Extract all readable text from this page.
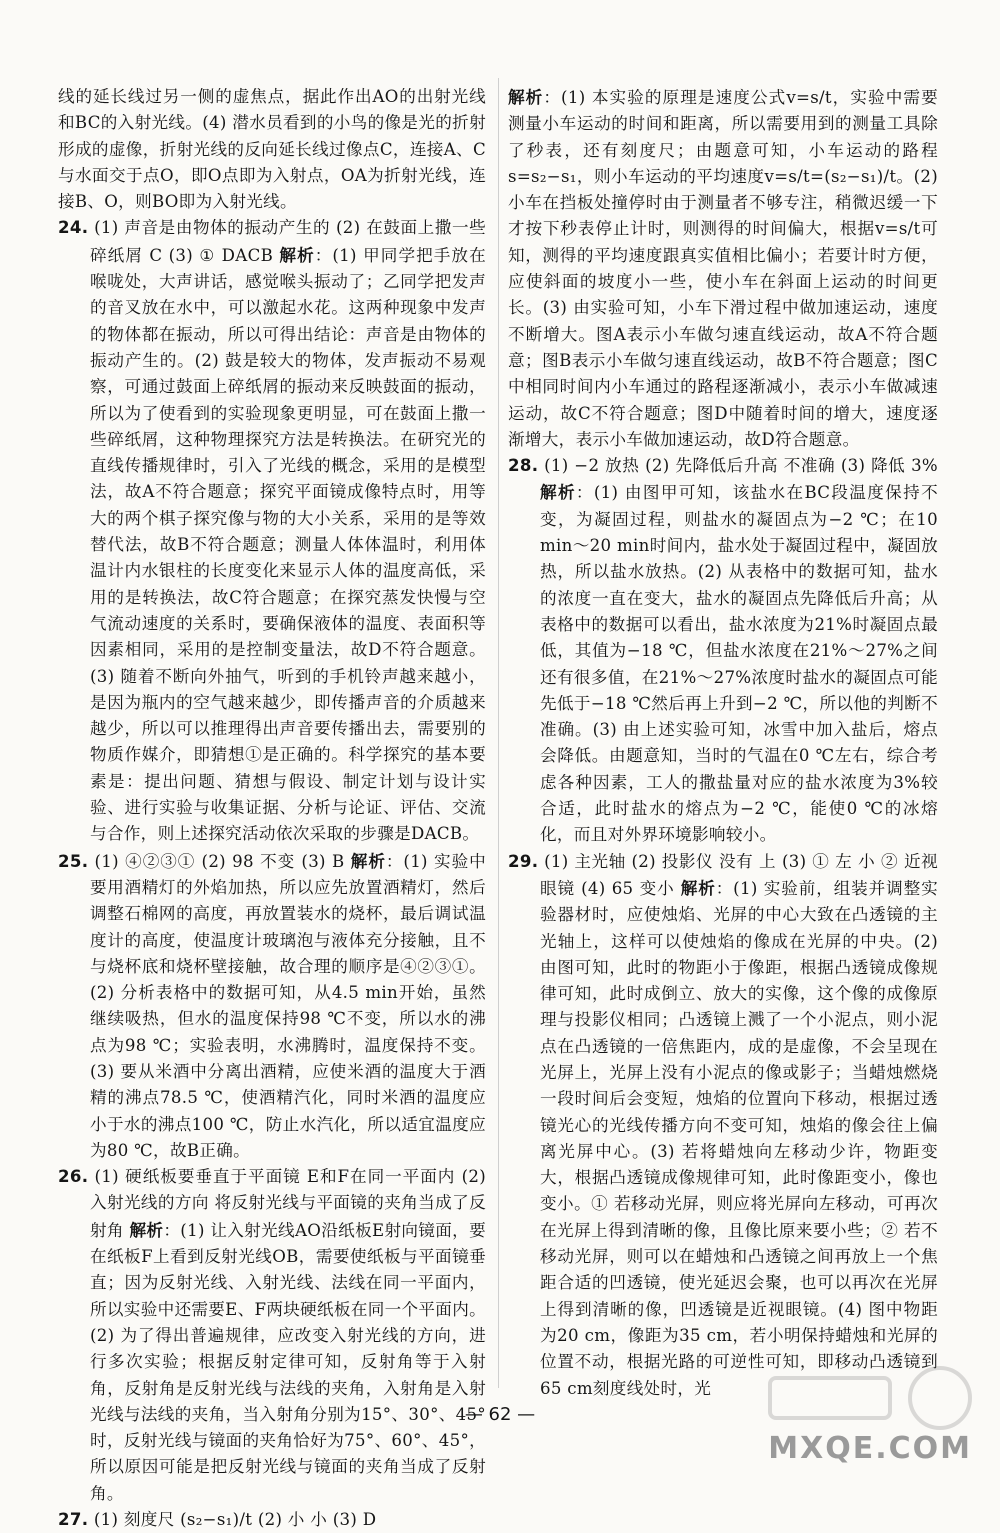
线的延长线过另一侧的虚焦点，据此作出AO的出射光线和BC的入射光线。(4) 潜水员看到的小鸟的像是光的折射形成的虚像，折射光线的反向延长线过像点C，连接A、C与水面交于点O，即O点即为入射点，OA为折射光线，连接B、O，则BO即为入射光线。

24. (1) 声音是由物体的振动产生的 (2) 在鼓面上撒一些碎纸屑 C (3) ① DACB 解析：(1) 甲同学把手放在喉咙处，大声讲话，感觉喉头振动了；乙同学把发声的音叉放在水中，可以激起水花。这两种现象中发声的物体都在振动，所以可得出结论：声音是由物体的振动产生的。(2) 鼓是较大的物体，发声振动不易观察，可通过鼓面上碎纸屑的振动来反映鼓面的振动，所以为了使看到的实验现象更明显，可在鼓面上撒一些碎纸屑，这种物理探究方法是转换法。在研究光的直线传播规律时，引入了光线的概念，采用的是模型法，故A不符合题意；探究平面镜成像特点时，用等大的两个棋子探究像与物的大小关系，采用的是等效替代法，故B不符合题意；测量人体体温时，利用体温计内水银柱的长度变化来显示人体的温度高低，采用的是转换法，故C符合题意；在探究蒸发快慢与空气流动速度的关系时，要确保液体的温度、表面积等因素相同，采用的是控制变量法，故D不符合题意。(3) 随着不断向外抽气，听到的手机铃声越来越小，是因为瓶内的空气越来越少，即传播声音的介质越来越少，所以可以推理得出声音要传播出去，需要别的物质作媒介，即猜想①是正确的。科学探究的基本要素是：提出问题、猜想与假设、制定计划与设计实验、进行实验与收集证据、分析与论证、评估、交流与合作，则上述探究活动依次采取的步骤是DACB。

25. (1) ④②③① (2) 98 不变 (3) B 解析：(1) 实验中要用酒精灯的外焰加热，所以应先放置酒精灯，然后调整石棉网的高度，再放置装水的烧杯，最后调试温度计的高度，使温度计玻璃泡与液体充分接触，且不与烧杯底和烧杯壁接触，故合理的顺序是④②③①。(2) 分析表格中的数据可知，从4.5 min开始，虽然继续吸热，但水的温度保持98 ℃不变，所以水的沸点为98 ℃；实验表明，水沸腾时，温度保持不变。(3) 要从米酒中分离出酒精，应使米酒的温度大于酒精的沸点78.5 ℃，使酒精汽化，同时米酒的温度应小于水的沸点100 ℃，防止水汽化，所以适宜温度应为80 ℃，故B正确。

26. (1) 硬纸板要垂直于平面镜 E和F在同一平面内 (2) 入射光线的方向 将反射光线与平面镜的夹角当成了反射角 解析：(1) 让入射光线AO沿纸板E射向镜面，要在纸板F上看到反射光线OB，需要使纸板与平面镜垂直；因为反射光线、入射光线、法线在同一平面内，所以实验中还需要E、F两块硬纸板在同一个平面内。(2) 为了得出普遍规律，应改变入射光线的方向，进行多次实验；根据反射定律可知，反射角等于入射角，反射角是反射光线与法线的夹角，入射角是入射光线与法线的夹角，当入射角分别为15°、30°、45°时，反射光线与镜面的夹角恰好为75°、60°、45°，所以原因可能是把反射光线与镜面的夹角当成了反射角。

27. (1) 刻度尺 (s₂−s₁)/t (2) 小 小 (3) D

解析：(1) 本实验的原理是速度公式v=s/t，实验中需要测量小车运动的时间和距离，所以需要用到的测量工具除了秒表，还有刻度尺；由题意可知，小车运动的路程s=s₂−s₁，则小车运动的平均速度v=s/t=(s₂−s₁)/t。(2) 小车在挡板处撞停时由于测量者不够专注，稍微迟缓一下才按下秒表停止计时，则测得的时间偏大，根据v=s/t可知，测得的平均速度跟真实值相比偏小；若要计时方便，应使斜面的坡度小一些，使小车在斜面上运动的时间更长。(3) 由实验可知，小车下滑过程中做加速运动，速度不断增大。图A表示小车做匀速直线运动，故A不符合题意；图B表示小车做匀速直线运动，故B不符合题意；图C中相同时间内小车通过的路程逐渐减小，表示小车做减速运动，故C不符合题意；图D中随着时间的增大，速度逐渐增大，表示小车做加速运动，故D符合题意。

28. (1) −2 放热 (2) 先降低后升高 不准确 (3) 降低 3% 解析：(1) 由图甲可知，该盐水在BC段温度保持不变，为凝固过程，则盐水的凝固点为−2 ℃；在10 min～20 min时间内，盐水处于凝固过程中，凝固放热，所以盐水放热。(2) 从表格中的数据可知，盐水的浓度一直在变大，盐水的凝固点先降低后升高；从表格中的数据可以看出，盐水浓度为21%时凝固点最低，其值为−18 ℃，但盐水浓度在21%～27%之间还有很多值，在21%～27%浓度时盐水的凝固点可能先低于−18 ℃然后再上升到−2 ℃，所以他的判断不准确。(3) 由上述实验可知，冰雪中加入盐后，熔点会降低。由题意知，当时的气温在0 ℃左右，综合考虑各种因素，工人的撒盐量对应的盐水浓度为3%较合适，此时盐水的熔点为−2 ℃，能使0 ℃的冰熔化，而且对外界环境影响较小。

29. (1) 主光轴 (2) 投影仪 没有 上 (3) ① 左 小 ② 近视眼镜 (4) 65 变小 解析：(1) 实验前，组装并调整实验器材时，应使烛焰、光屏的中心大致在凸透镜的主光轴上，这样可以使烛焰的像成在光屏的中央。(2) 由图可知，此时的物距小于像距，根据凸透镜成像规律可知，此时成倒立、放大的实像，这个像的成像原理与投影仪相同；凸透镜上溅了一个小泥点，则小泥点在凸透镜的一倍焦距内，成的是虚像，不会呈现在光屏上，光屏上没有小泥点的像或影子；当蜡烛燃烧一段时间后会变短，烛焰的位置向下移动，根据过透镜光心的光线传播方向不变可知，烛焰的像会往上偏离光屏中心。(3) 若将蜡烛向左移动少许，物距变大，根据凸透镜成像规律可知，此时像距变小，像也变小。① 若移动光屏，则应将光屏向左移动，可再次在光屏上得到清晰的像，且像比原来要小些；② 若不移动光屏，则可以在蜡烛和凸透镜之间再放上一个焦距合适的凹透镜，使光延迟会聚，也可以再次在光屏上得到清晰的像，凹透镜是近视眼镜。(4) 图中物距为20 cm，像距为35 cm，若小明保持蜡烛和光屏的位置不动，根据光路的可逆性可知，即移动凸透镜到65 cm刻度线处时，光

— 62 —
MXQE.COM
